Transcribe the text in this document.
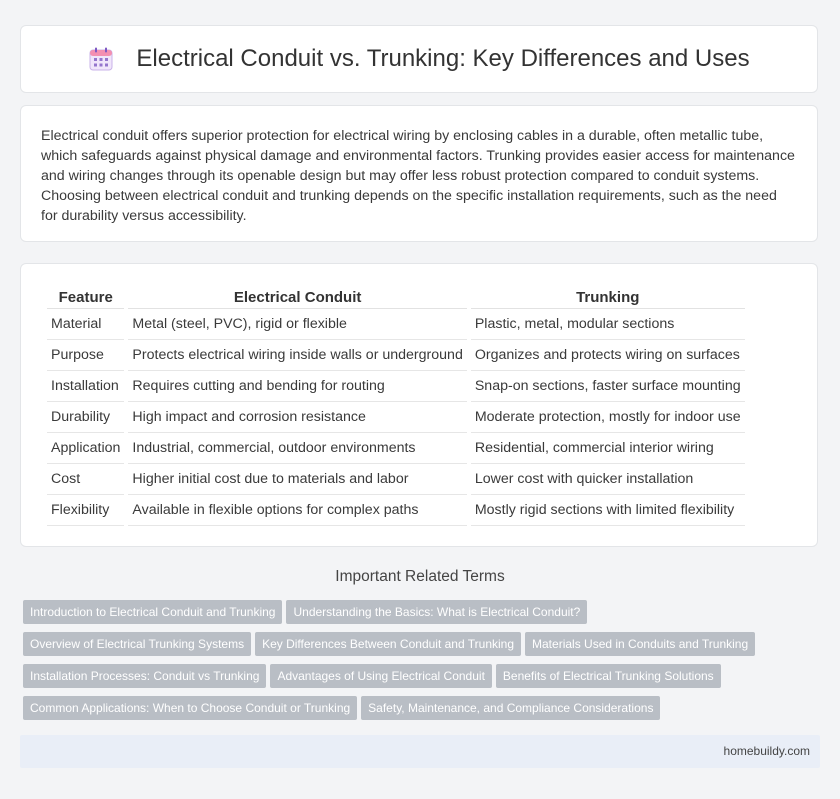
Electrical Conduit vs. Trunking: Key Differences and Uses

Electrical conduit offers superior protection for electrical wiring by enclosing cables in a durable, often metallic tube, which safeguards against physical damage and environmental factors. Trunking provides easier access for maintenance and wiring changes through its openable design but may offer less robust protection compared to conduit systems. Choosing between electrical conduit and trunking depends on the specific installation requirements, such as the need for durability versus accessibility.

Feature	Electrical Conduit	Trunking
Material	Metal (steel, PVC), rigid or flexible	Plastic, metal, modular sections
Purpose	Protects electrical wiring inside walls or underground	Organizes and protects wiring on surfaces
Installation	Requires cutting and bending for routing	Snap-on sections, faster surface mounting
Durability	High impact and corrosion resistance	Moderate protection, mostly for indoor use
Application	Industrial, commercial, outdoor environments	Residential, commercial interior wiring
Cost	Higher initial cost due to materials and labor	Lower cost with quicker installation
Flexibility	Available in flexible options for complex paths	Mostly rigid sections with limited flexibility
Important Related Terms
Introduction to Electrical Conduit and Trunking Understanding the Basics: What is Electrical Conduit?Overview of Electrical Trunking Systems Key Differences Between Conduit and Trunking Materials Used in Conduits and TrunkingInstallation Processes: Conduit vs Trunking Advantages of Using Electrical Conduit Benefits of Electrical Trunking SolutionsCommon Applications: When to Choose Conduit or Trunking Safety, Maintenance, and Compliance Considerations
homebuildy.com
